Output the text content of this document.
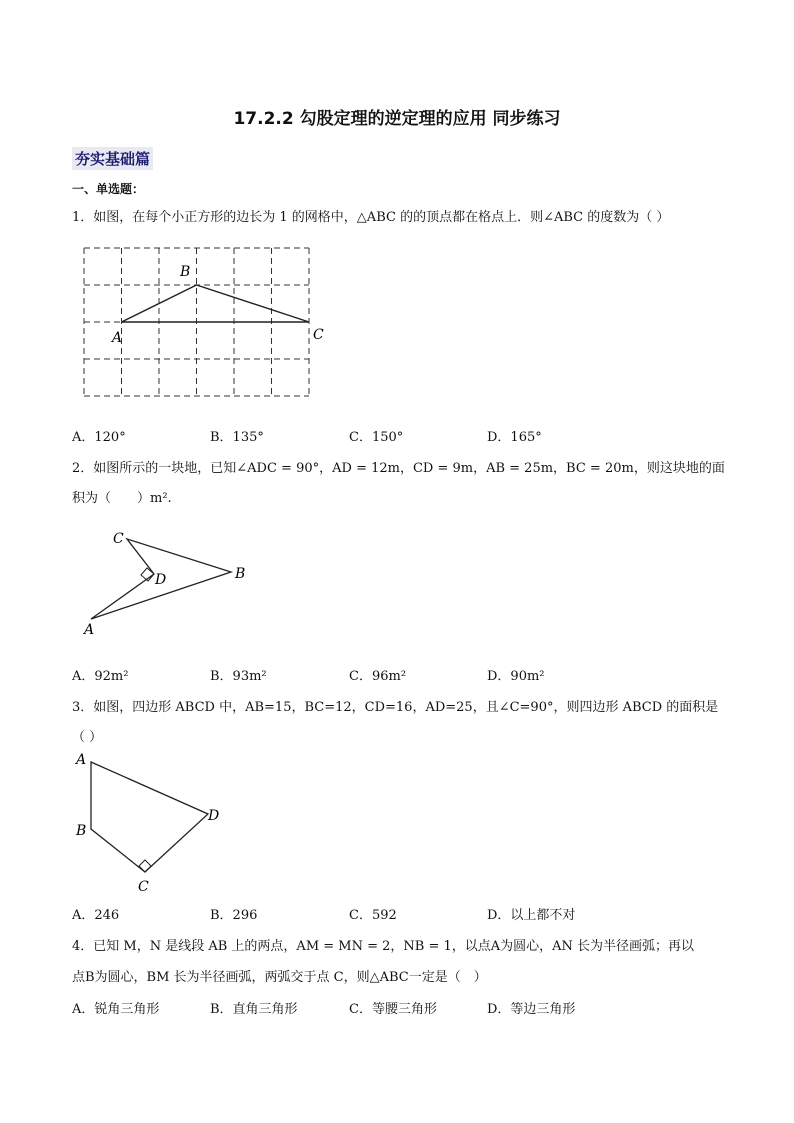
17.2.2 勾股定理的逆定理的应用 同步练习
夯实基础篇
一、单选题：
1．如图，在每个小正方形的边长为 1 的网格中，△ABC 的的顶点都在格点上．则∠ABC 的度数为（ ）
B
A	C
A．120°	B．135°	C．150°	D．165°
2．如图所示的一块地，已知∠ADC = 90°，AD = 12m，CD = 9m，AB = 25m，BC = 20m，则这块地的面
积为（　　）m².
C
B
D
A
A．92m²	B．93m²	C．96m²	D．90m²
3．如图，四边形 ABCD 中，AB=15，BC=12，CD=16，AD=25，且∠C=90°，则四边形 ABCD 的面积是
（ ）
A
B
C
D
A．246	B．296	C．592	D．以上都不对
4．已知 M，N 是线段 AB 上的两点，AM = MN = 2，NB = 1，以点A为圆心，AN 长为半径画弧；再以
点B为圆心，BM 长为半径画弧，两弧交于点 C，则△ABC一定是（　）
A．锐角三角形	B．直角三角形	C．等腰三角形	D．等边三角形
